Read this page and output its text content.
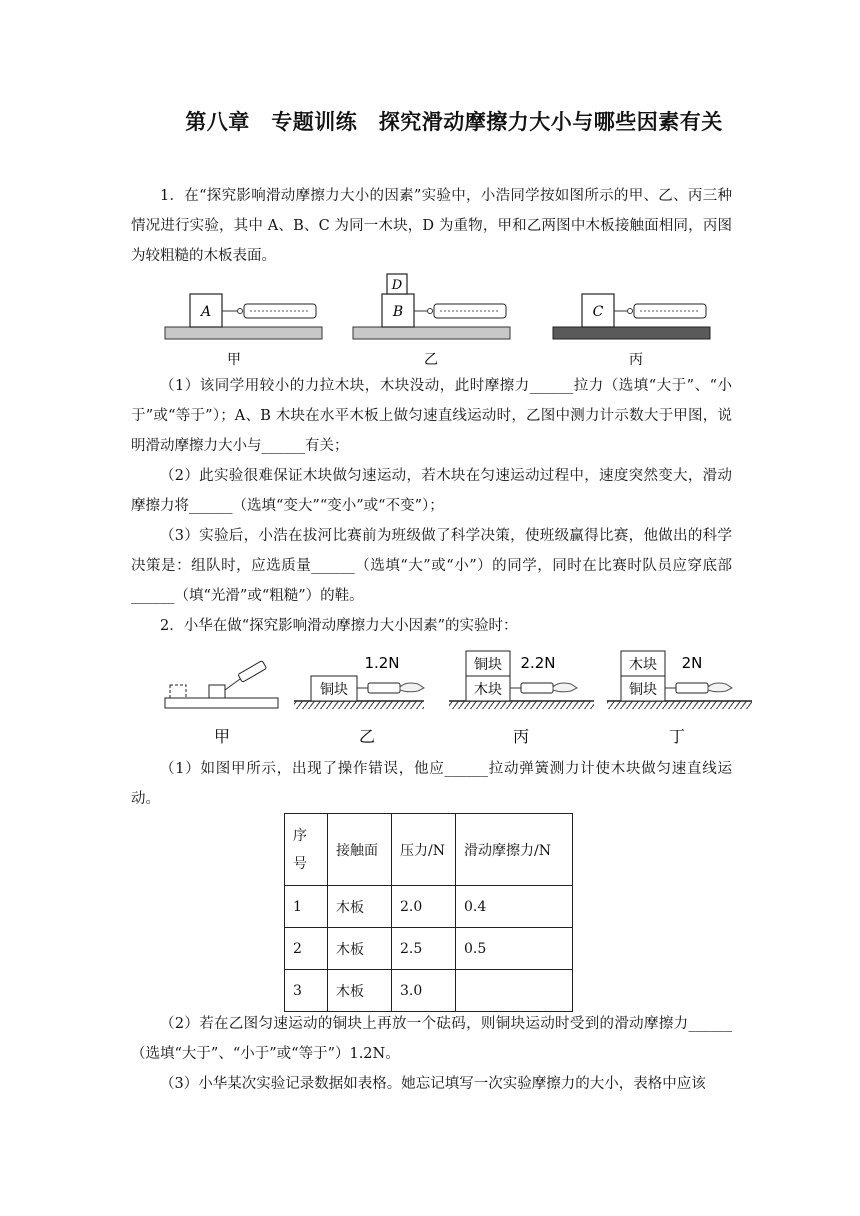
第八章　专题训练　探究滑动摩擦力大小与哪些因素有关
1．在“探究影响滑动摩擦力大小的因素”实验中，小浩同学按如图所示的甲、乙、丙三种情况进行实验，其中 A、B、C 为同一木块，D 为重物，甲和乙两图中木板接触面相同，丙图为较粗糙的木板表面。
A	B
D
C
甲	乙	丙
（1）该同学用较小的力拉木块，木块没动，此时摩擦力______拉力（选填“大于”、“小于”或“等于”）；A、B 木块在水平木板上做匀速直线运动时，乙图中测力计示数大于甲图，说明滑动摩擦力大小与______有关；
（2）此实验很难保证木块做匀速运动，若木块在匀速运动过程中，速度突然变大，滑动摩擦力将______（选填“变大”“变小”或“不变”）；
（3）实验后，小浩在拔河比赛前为班级做了科学决策，使班级赢得比赛，他做出的科学决策是：组队时，应选质量______（选填“大”或“小”）的同学，同时在比赛时队员应穿底部______（填“光滑”或“粗糙”）的鞋。
2．小华在做“探究影响滑动摩擦力大小因素”的实验时：
铜块
1.2N	铜块
木块
2.2N	木块
铜块
2N
甲	乙	丙	丁
（1）如图甲所示，出现了操作错误，他应______拉动弹簧测力计使木块做匀速直线运动。
序号	接触面	压力/N	滑动摩擦力/N
1	木板	2.0	0.4
2	木板	2.5	0.5
3	木板	3.0	
（2）若在乙图匀速运动的铜块上再放一个砝码，则铜块运动时受到的滑动摩擦力______（选填“大于”、“小于”或“等于”）1.2N。
（3）小华某次实验记录数据如表格。她忘记填写一次实验摩擦力的大小，表格中应该
